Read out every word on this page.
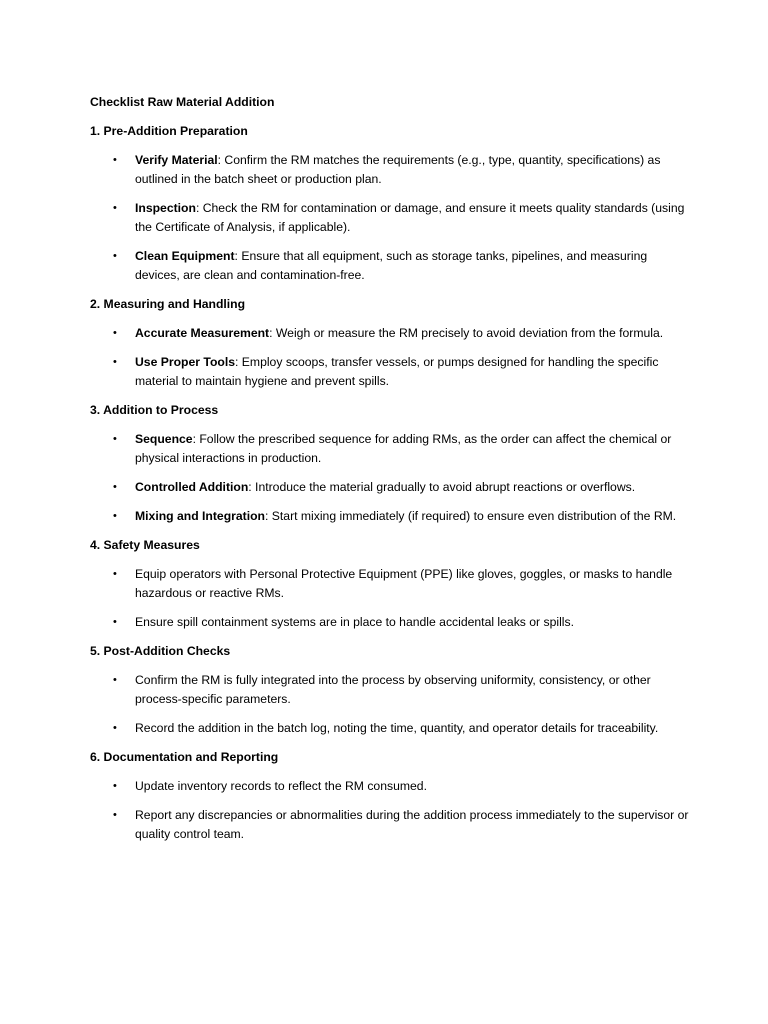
Checklist Raw Material Addition
1. Pre-Addition Preparation
• Verify Material: Confirm the RM matches the requirements (e.g., type, quantity, specifications) as outlined in the batch sheet or production plan.
• Inspection: Check the RM for contamination or damage, and ensure it meets quality standards (using the Certificate of Analysis, if applicable).
• Clean Equipment: Ensure that all equipment, such as storage tanks, pipelines, and measuring devices, are clean and contamination-free.
2. Measuring and Handling
• Accurate Measurement: Weigh or measure the RM precisely to avoid deviation from the formula.
• Use Proper Tools: Employ scoops, transfer vessels, or pumps designed for handling the specific material to maintain hygiene and prevent spills.
3. Addition to Process
• Sequence: Follow the prescribed sequence for adding RMs, as the order can affect the chemical or physical interactions in production.
• Controlled Addition: Introduce the material gradually to avoid abrupt reactions or overflows.
• Mixing and Integration: Start mixing immediately (if required) to ensure even distribution of the RM.
4. Safety Measures
• Equip operators with Personal Protective Equipment (PPE) like gloves, goggles, or masks to handle hazardous or reactive RMs.
• Ensure spill containment systems are in place to handle accidental leaks or spills.
5. Post-Addition Checks
• Confirm the RM is fully integrated into the process by observing uniformity, consistency, or other process-specific parameters.
• Record the addition in the batch log, noting the time, quantity, and operator details for traceability.
6. Documentation and Reporting
• Update inventory records to reflect the RM consumed.
• Report any discrepancies or abnormalities during the addition process immediately to the supervisor or quality control team.
